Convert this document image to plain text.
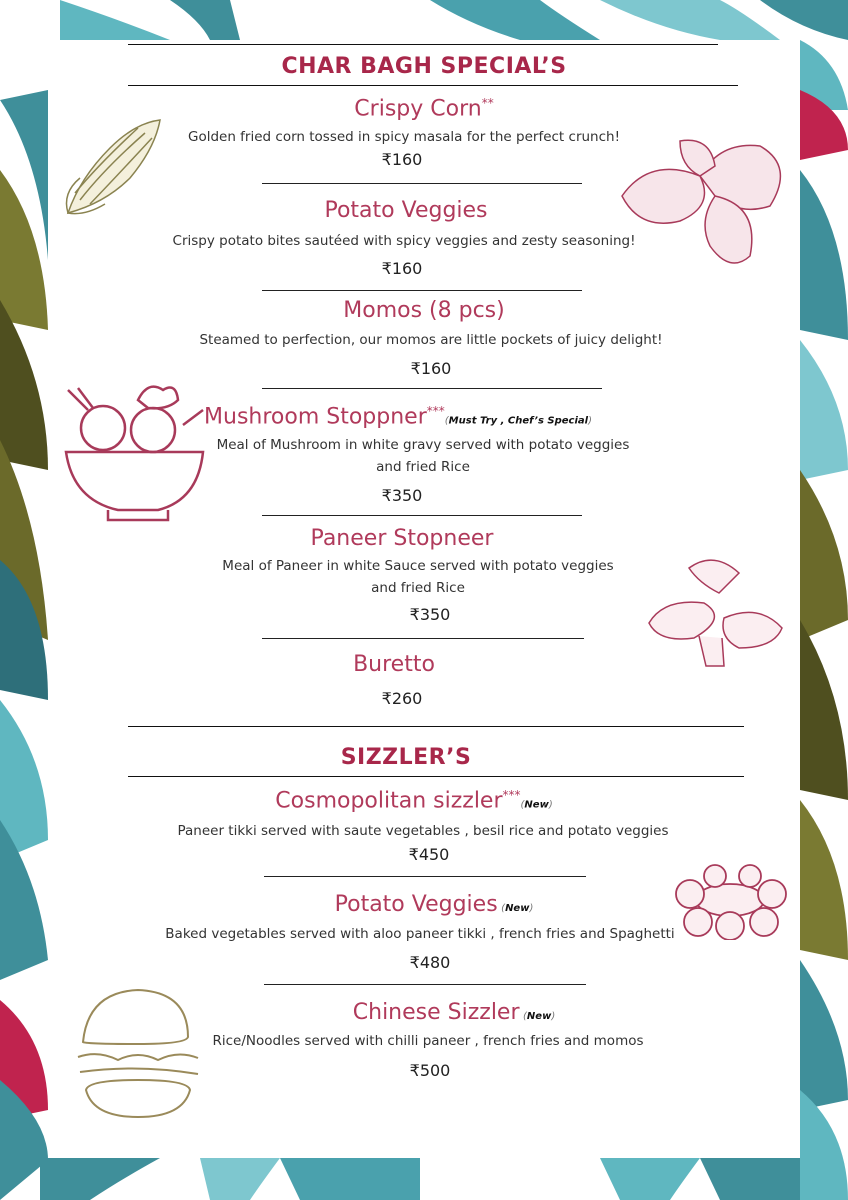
CHAR BAGH SPECIAL’S
Crispy Corn**
Golden fried corn tossed in spicy masala for the perfect crunch!
₹160
Potato Veggies
Crispy potato bites sautéed with spicy veggies and zesty seasoning!
₹160
Momos (8 pcs)
Steamed to perfection, our momos are little pockets of juicy delight!
₹160
Mushroom Stoppner***(Must Try , Chef’s Special)
Meal of Mushroom in white gravy served with potato veggies
and fried Rice
₹350
Paneer Stopneer
Meal of Paneer in white Sauce served with potato veggies
and fried Rice
₹350
Buretto
₹260
SIZZLER’S
Cosmopolitan sizzler***(New)
Paneer tikki served with saute vegetables , besil rice and potato veggies
₹450
Potato Veggies (New)
Baked vegetables served with aloo paneer tikki , french fries and Spaghetti
₹480
Chinese Sizzler (New)
Rice/Noodles served with chilli paneer , french fries and momos
₹500
